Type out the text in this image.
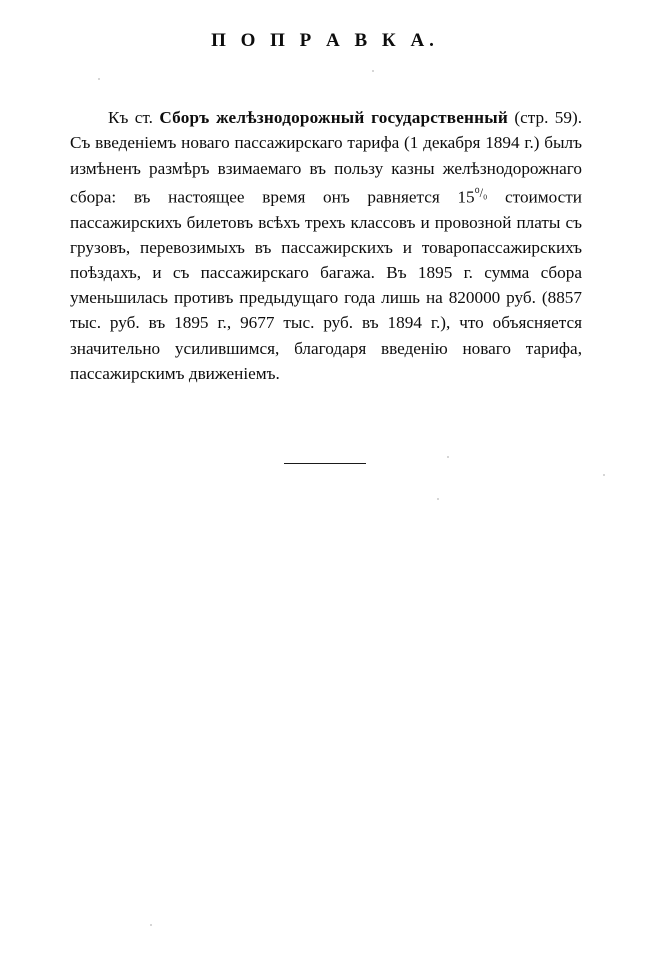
П О П Р А В К А.

Къ ст. Сборъ желѣзнодорожный государственный (стр. 59). Съ введеніемъ новаго пассажирскаго тарифа (1 декабря 1894 г.) былъ измѣненъ размѣръ взимаемаго въ пользу казны желѣзнодорожнаго сбора: въ настоящее время онъ равняется $15^{^0/_0}$ стоимости пассажирскихъ билетовъ всѣхъ трехъ классовъ и провозной платы съ грузовъ, перевозимыхъ въ пассажирскихъ и товаропассажирскихъ поѣздахъ, и съ пассажирскаго багажа. Въ 1895 г. сумма сбора уменьшилась противъ предыдущаго года лишь на 820000 руб. (8857 тыс. руб. въ 1895 г., 9677 тыс. руб. въ 1894 г.), что объясняется значительно усилившимся, благодаря введенію новаго тарифа, пассажирскимъ движеніемъ.
